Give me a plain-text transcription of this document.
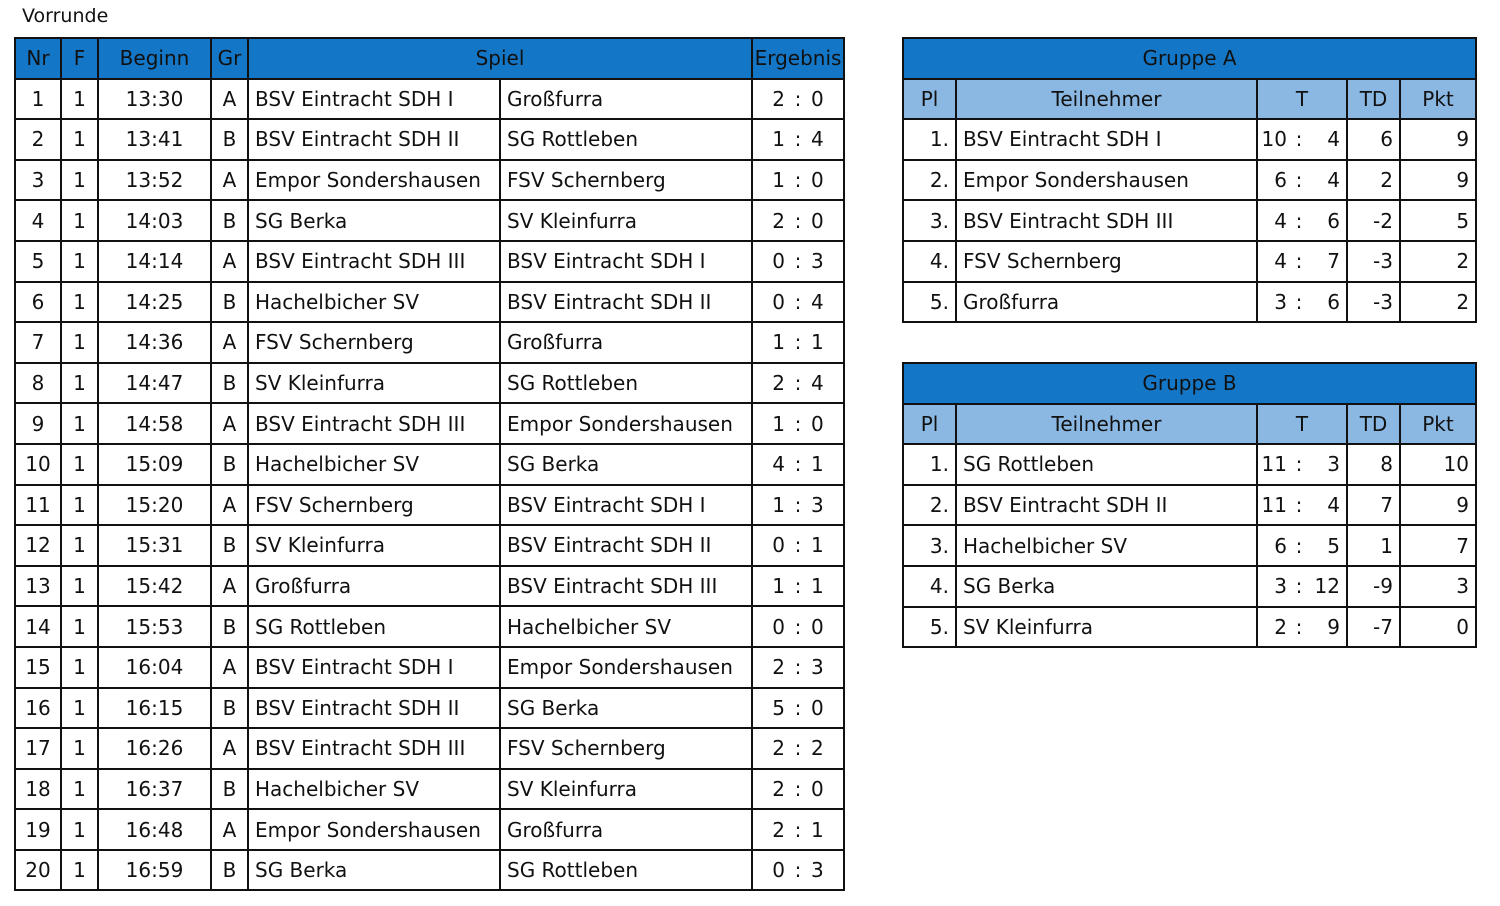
Vorrunde
Nr	F	Beginn	Gr	Spiel		Ergebnis
1	1	13:30	A	BSV Eintracht SDH I	Großfurra	2 : 0

2	1	13:41	B	BSV Eintracht SDH II	SG Rottleben	1 : 4

3	1	13:52	A	Empor Sondershausen	FSV Schernberg	1 : 0

4	1	14:03	B	SG Berka	SV Kleinfurra	2 : 0

5	1	14:14	A	BSV Eintracht SDH III	BSV Eintracht SDH I	0 : 3

6	1	14:25	B	Hachelbicher SV	BSV Eintracht SDH II	0 : 4

7	1	14:36	A	FSV Schernberg	Großfurra	1 : 1

8	1	14:47	B	SV Kleinfurra	SG Rottleben	2 : 4

9	1	14:58	A	BSV Eintracht SDH III	Empor Sondershausen	1 : 0

10	1	15:09	B	Hachelbicher SV	SG Berka	4 : 1

11	1	15:20	A	FSV Schernberg	BSV Eintracht SDH I	1 : 3

12	1	15:31	B	SV Kleinfurra	BSV Eintracht SDH II	0 : 1

13	1	15:42	A	Großfurra	BSV Eintracht SDH III	1 : 1

14	1	15:53	B	SG Rottleben	Hachelbicher SV	0 : 0

15	1	16:04	A	BSV Eintracht SDH I	Empor Sondershausen	2 : 3

16	1	16:15	B	BSV Eintracht SDH II	SG Berka	5 : 0

17	1	16:26	A	BSV Eintracht SDH III	FSV Schernberg	2 : 2

18	1	16:37	B	Hachelbicher SV	SV Kleinfurra	2 : 0

19	1	16:48	A	Empor Sondershausen	Großfurra	2 : 1

20	1	16:59	B	SG Berka	SG Rottleben	0 : 3
Gruppe A				
Pl	Teilnehmer	T	TD	Pkt
1.	BSV Eintracht SDH I	10 : 4	6	9
2.	Empor Sondershausen	6 : 4	2	9
3.	BSV Eintracht SDH III	4 : 6	-2	5
4.	FSV Schernberg	4 : 7	-3	2
5.	Großfurra	3 : 6	-3	2
Gruppe B				
Pl	Teilnehmer	T	TD	Pkt
1.	SG Rottleben	11 : 3	8	10
2.	BSV Eintracht SDH II	11 : 4	7	9
3.	Hachelbicher SV	6 : 5	1	7
4.	SG Berka	3 : 12	-9	3
5.	SV Kleinfurra	2 : 9	-7	0
